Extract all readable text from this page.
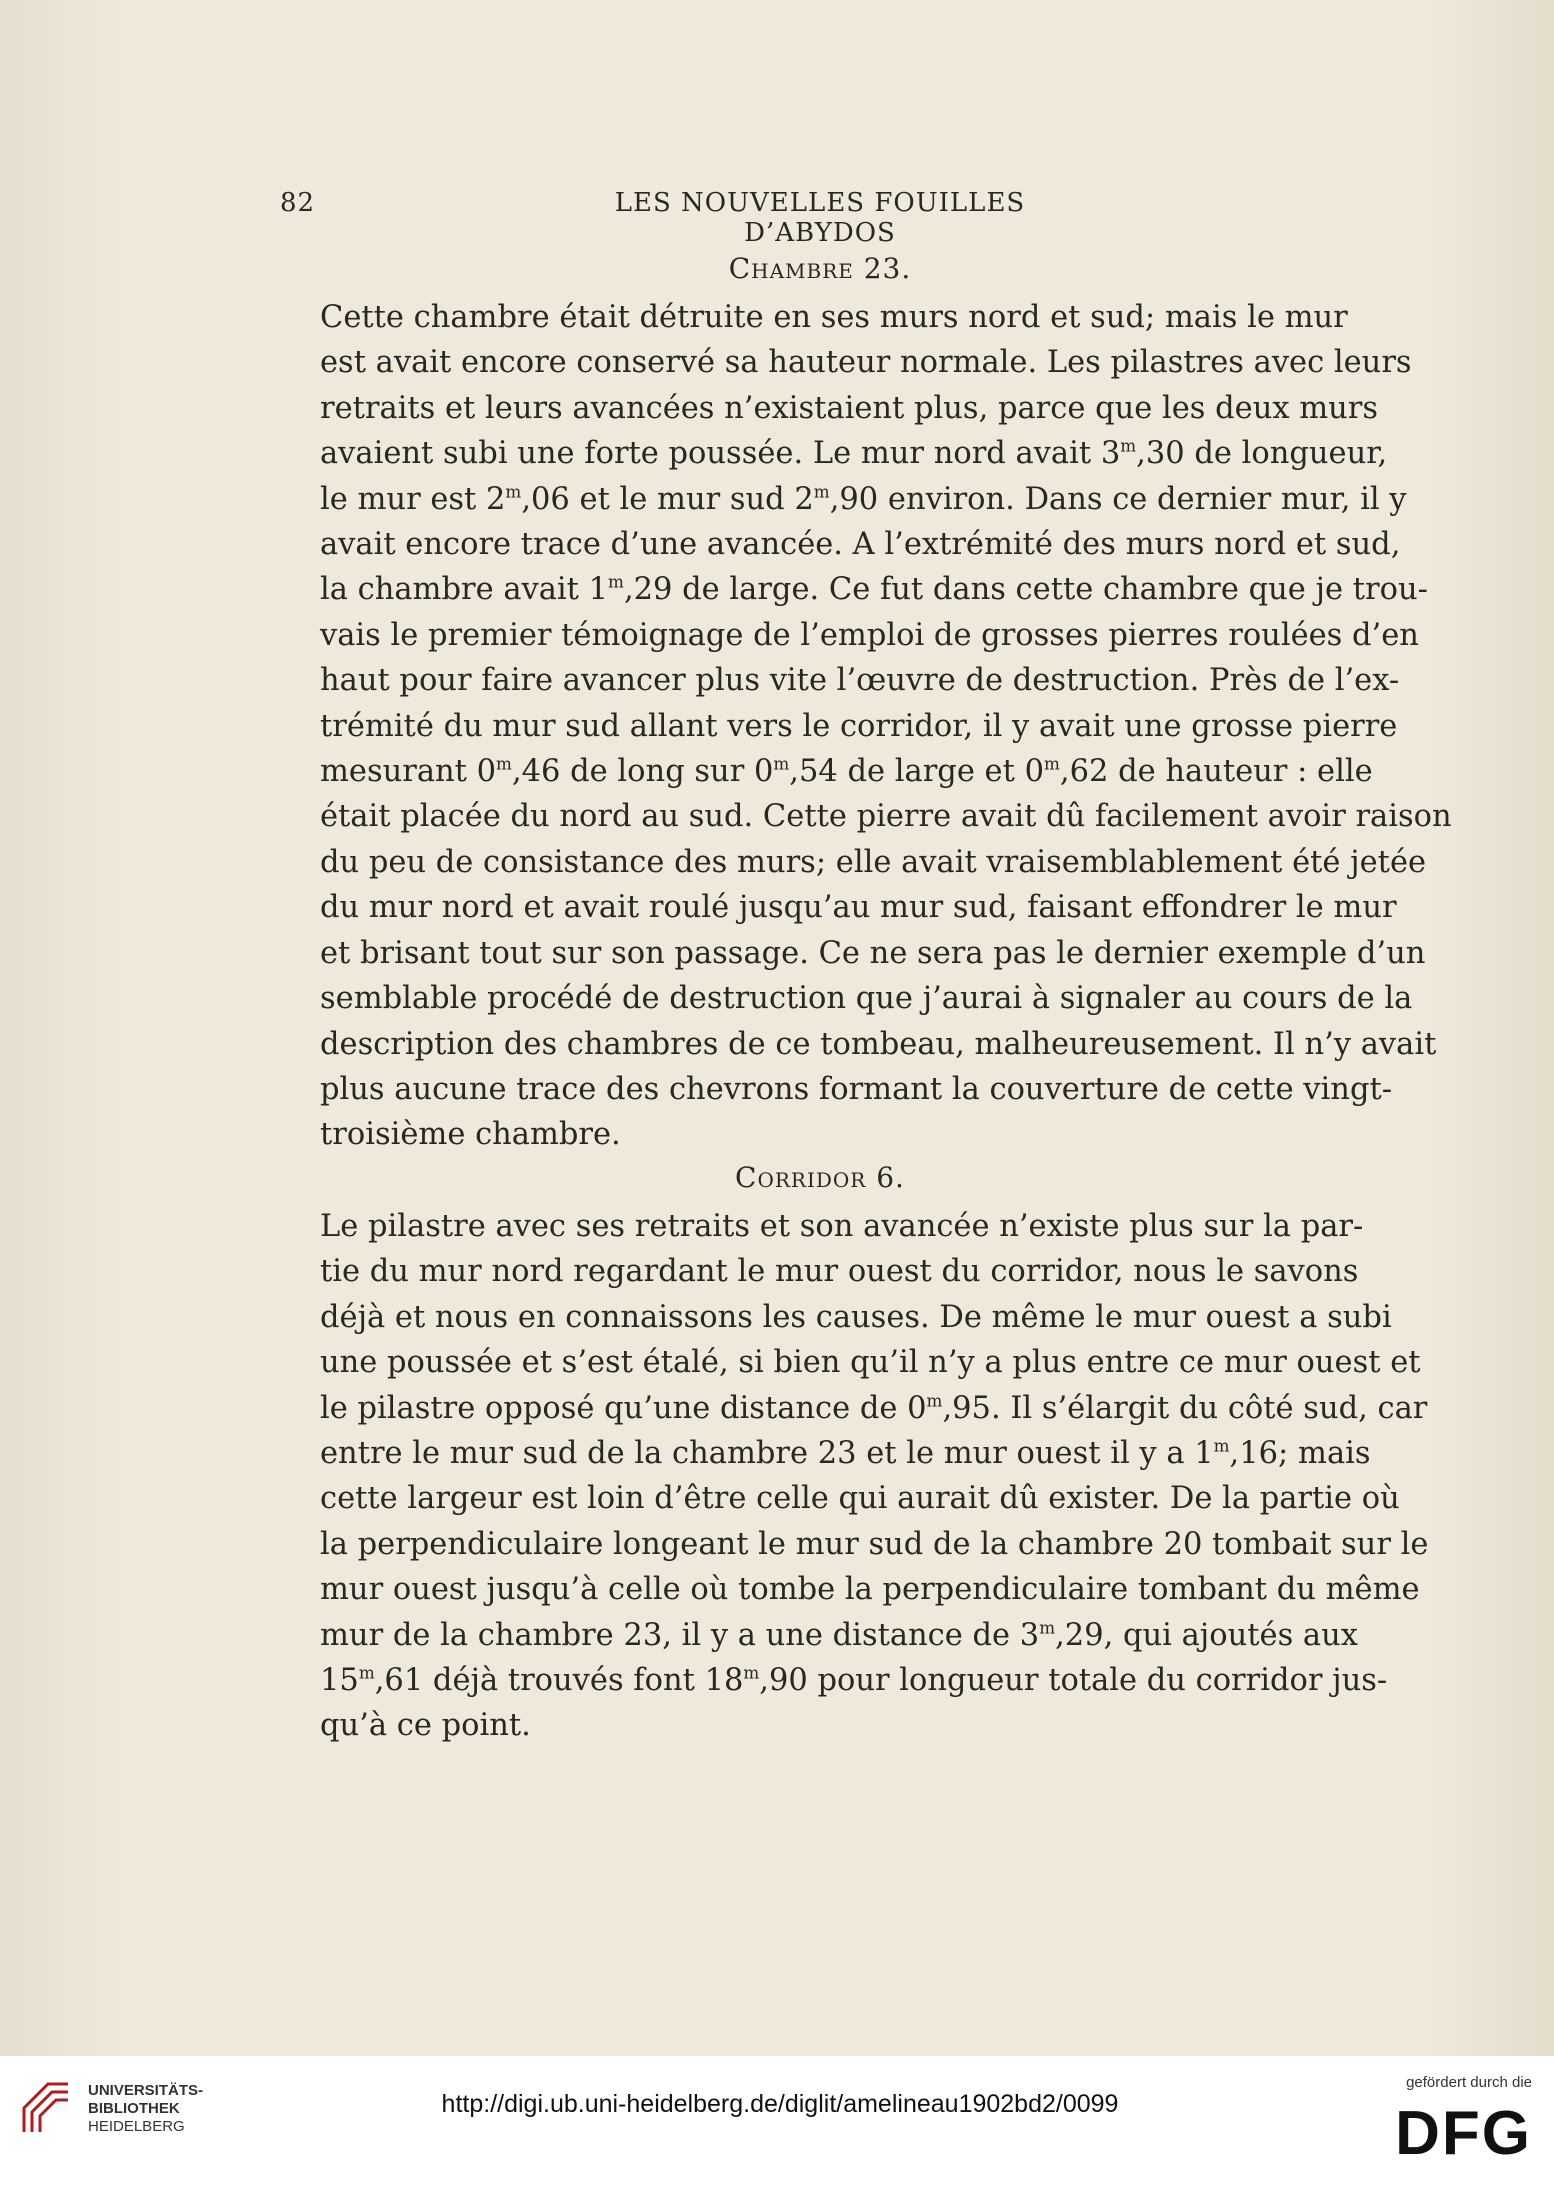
82	LES NOUVELLES FOUILLES D’ABYDOS
Chambre 23.
Cette chambre était détruite en ses murs nord et sud; mais le mur
est avait encore conservé sa hauteur normale. Les pilastres avec leurs
retraits et leurs avancées n’existaient plus, parce que les deux murs
avaient subi une forte poussée. Le mur nord avait 3$^m$,30 de longueur,
le mur est 2$^m$,06 et le mur sud 2$^m$,90 environ. Dans ce dernier mur, il y
avait encore trace d’une avancée. A l’extrémité des murs nord et sud,
la chambre avait 1$^m$,29 de large. Ce fut dans cette chambre que je trou-
vais le premier témoignage de l’emploi de grosses pierres roulées d’en
haut pour faire avancer plus vite l’œuvre de destruction. Près de l’ex-
trémité du mur sud allant vers le corridor, il y avait une grosse pierre
mesurant 0$^m$,46 de long sur 0$^m$,54 de large et 0$^m$,62 de hauteur : elle
était placée du nord au sud. Cette pierre avait dû facilement avoir raison
du peu de consistance des murs; elle avait vraisemblablement été jetée
du mur nord et avait roulé jusqu’au mur sud, faisant effondrer le mur
et brisant tout sur son passage. Ce ne sera pas le dernier exemple d’un
semblable procédé de destruction que j’aurai à signaler au cours de la
description des chambres de ce tombeau, malheureusement. Il n’y avait
plus aucune trace des chevrons formant la couverture de cette vingt-
troisième chambre.
Corridor 6.
Le pilastre avec ses retraits et son avancée n’existe plus sur la par-
tie du mur nord regardant le mur ouest du corridor, nous le savons
déjà et nous en connaissons les causes. De même le mur ouest a subi
une poussée et s’est étalé, si bien qu’il n’y a plus entre ce mur ouest et
le pilastre opposé qu’une distance de 0$^m$,95. Il s’élargit du côté sud, car
entre le mur sud de la chambre 23 et le mur ouest il y a 1$^m$,16; mais
cette largeur est loin d’être celle qui aurait dû exister. De la partie où
la perpendiculaire longeant le mur sud de la chambre 20 tombait sur le
mur ouest jusqu’à celle où tombe la perpendiculaire tombant du même
mur de la chambre 23, il y a une distance de 3$^m$,29, qui ajoutés aux
15$^m$,61 déjà trouvés font 18$^m$,90 pour longueur totale du corridor jus-
qu’à ce point.
UNIVERSITÄTS-
BIBLIOTHEK
HEIDELBERG
http://digi.ub.uni-heidelberg.de/diglit/amelineau1902bd2/0099
gefördert durch die
DFG
